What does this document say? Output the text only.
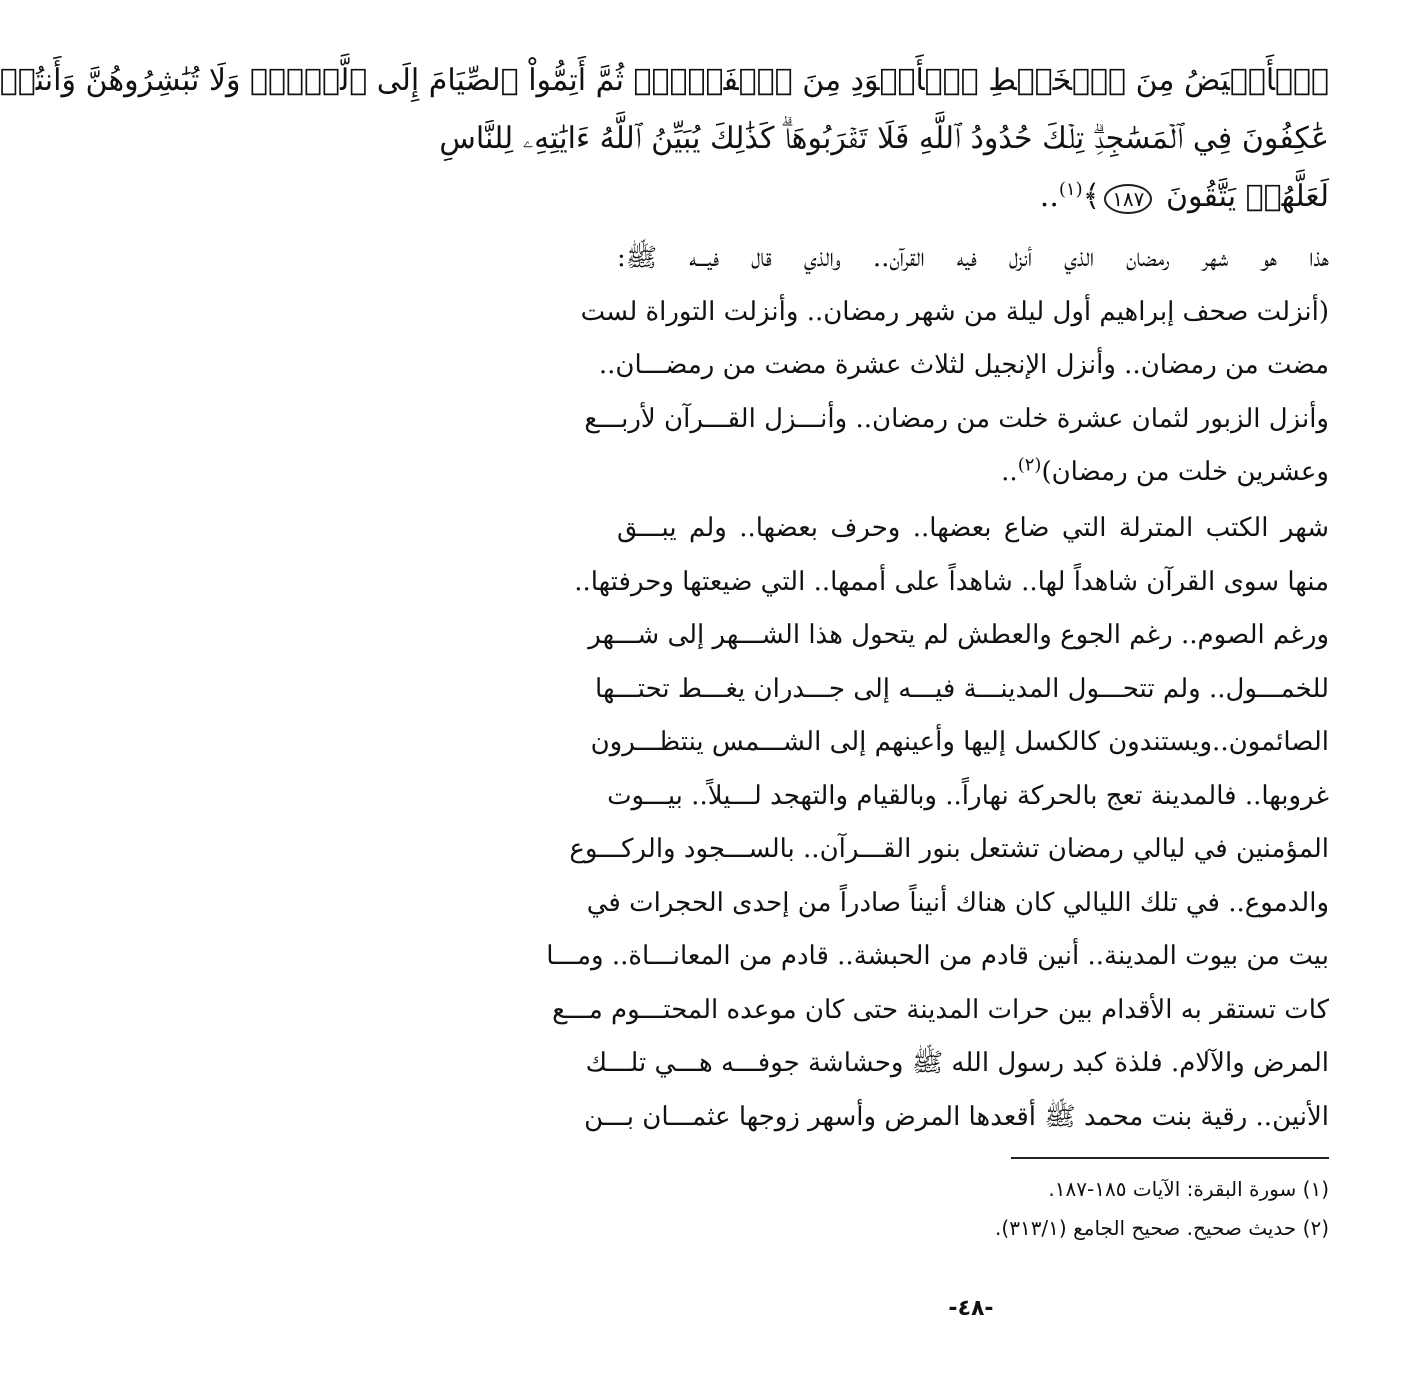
ٱلۡأَبۡيَضُ مِنَ ٱلۡخَيۡطِ ٱلۡأَسۡوَدِ مِنَ ٱلۡفَجۡرِۖ ثُمَّ أَتِمُّواْ ٱلصِّيَامَ إِلَى ٱلَّيۡلِۚ وَلَا تُبَٰشِرُوهُنَّ وَأَنتُمۡ
عَٰكِفُونَ فِي ٱلۡمَسَٰجِدِۗ تِلۡكَ حُدُودُ ٱللَّهِ فَلَا تَقۡرَبُوهَاۗ كَذَٰلِكَ يُبَيِّنُ ٱللَّهُ ءَايَٰتِهِۦ لِلنَّاسِ
لَعَلَّهُمۡ يَتَّقُونَ ١٨٧﴾$^{(١)}$..
هذا هو شهر رمضان الذي أنزل فيه القرآن.. والذي قال فيـــه ﷺ:
(أنزلت صحف إبراهيم أول ليلة من شهر رمضان.. وأنزلت التوراة لست
مضت من رمضان.. وأنزل الإنجيل لثلاث عشرة مضت من رمضـــان..
وأنزل الزبور لثمان عشرة خلت من رمضان.. وأنـــزل القـــرآن لأربـــع
وعشرين خلت من رمضان)$^{(٢)}$..
شهر الكتب المترلة التي ضاع بعضها.. وحرف بعضها.. ولم يبـــق
منها سوى القرآن شاهداً لها.. شاهداً على أممها.. التي ضيعتها وحرفتها..
ورغم الصوم.. رغم الجوع والعطش لم يتحول هذا الشـــهر إلى شـــهر
للخمـــول.. ولم تتحـــول المدينـــة فيـــه إلى جـــدران يغـــط تحتـــها
الصائمون..ويستندون كالكسل إليها وأعينهم إلى الشـــمس ينتظـــرون
غروبها.. فالمدينة تعج بالحركة نهاراً.. وبالقيام والتهجد لـــيلاً.. بيـــوت
المؤمنين في ليالي رمضان تشتعل بنور القـــرآن.. بالســـجود والركـــوع
والدموع.. في تلك الليالي كان هناك أنيناً صادراً من إحدى الحجرات في
بيت من بيوت المدينة.. أنين قادم من الحبشة.. قادم من المعانـــاة.. ومـــا
كات تستقر به الأقدام بين حرات المدينة حتى كان موعده المحتـــوم مـــع
المرض والآلام. فلذة كبد رسول الله ﷺ وحشاشة جوفـــه هـــي تلـــك
الأنين.. رقية بنت محمد ﷺ أقعدها المرض وأسهر زوجها عثمـــان بـــن
(١) سورة البقرة: الآيات ١٨٥-١٨٧.
(٢) حديث صحيح. صحيح الجامع (٣١٣/١).
-٤٨-
